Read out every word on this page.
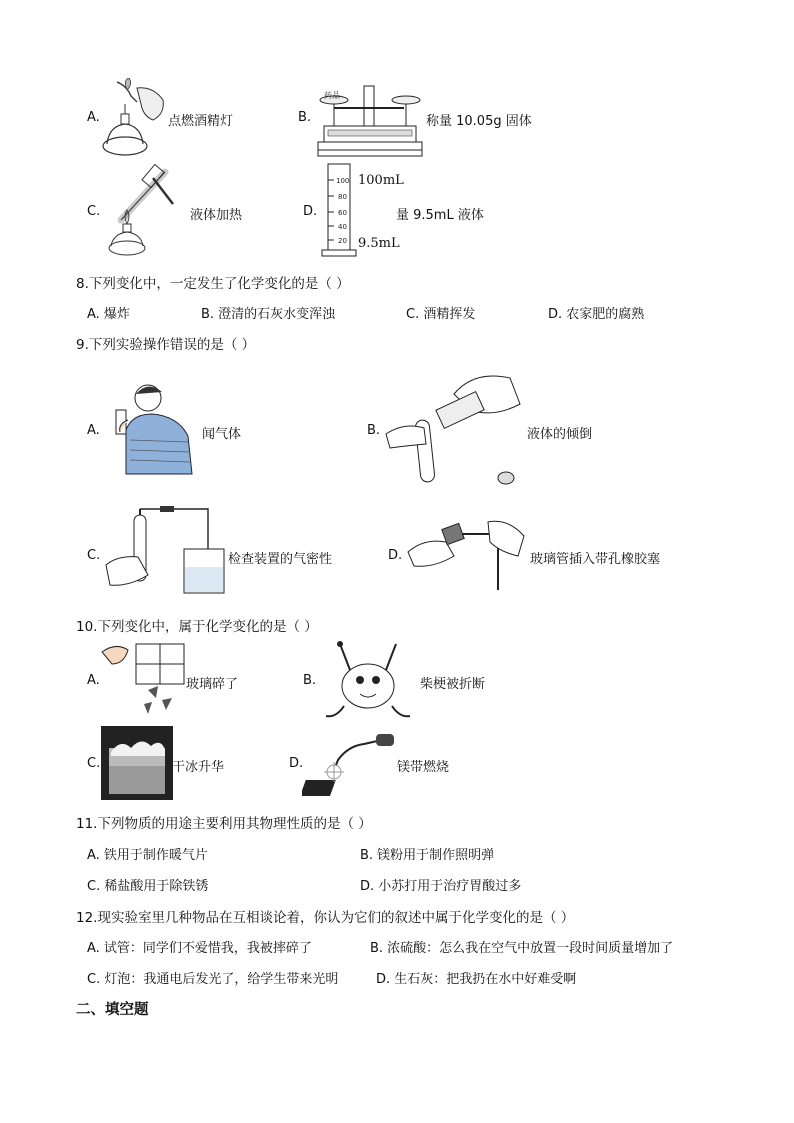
A.	点燃酒精灯	B.
药品
称量 10.05g 固体
C.	液体加热	D.
100
80
60
40
20
100mL
量 9.5mL 液体
9.5mL
8.下列变化中，一定发生了化学变化的是（ ）
A. 爆炸	B. 澄清的石灰水变浑浊	C. 酒精挥发	D. 农家肥的腐熟
9.下列实验操作错误的是（ ）
A.	闻气体	B.	液体的倾倒
C.	检查装置的气密性	D.	玻璃管插入带孔橡胶塞
10.下列变化中，属于化学变化的是（ ）
A.	玻璃碎了	B.	柴梗被折断
C.	干冰升华	D.	镁带燃烧
11.下列物质的用途主要利用其物理性质的是（ ）
A. 铁用于制作暖气片	B. 镁粉用于制作照明弹
C. 稀盐酸用于除铁锈	D. 小苏打用于治疗胃酸过多
12.现实验室里几种物品在互相谈论着，你认为它们的叙述中属于化学变化的是（ ）
A. 试管：同学们不爱惜我，我被摔碎了	B. 浓硫酸：怎么我在空气中放置一段时间质量增加了
C. 灯泡：我通电后发光了，给学生带来光明	D. 生石灰：把我扔在水中好难受啊
二、填空题
